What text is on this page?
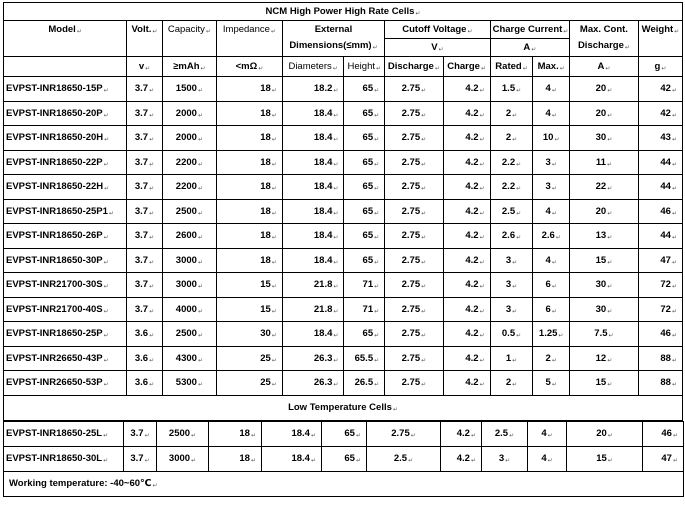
NCM High Power High Rate Cells ↵
Model ↵	Volt. ↵	Capacity ↵	Impedance ↵	External Dimensions(≤mm) ↵		Cutoff Voltage ↵		Charge Current ↵		Max. Cont. Discharge ↵	Weight ↵
						V ↵		A ↵
	v ↵	≥mAh ↵	<mΩ ↵	Diameters ↵	Height ↵	Discharge ↵	Charge ↵	Rated ↵	Max. ↵	A ↵	g ↵
EVPST-INR18650-15P ↵	3.7 ↵	1500 ↵	18 ↵	18.2 ↵	65 ↵	2.75 ↵	4.2 ↵	1.5 ↵	4 ↵	20 ↵	42 ↵
EVPST-INR18650-20P ↵	3.7 ↵	2000 ↵	18 ↵	18.4 ↵	65 ↵	2.75 ↵	4.2 ↵	2 ↵	4 ↵	20 ↵	42 ↵
EVPST-INR18650-20H ↵	3.7 ↵	2000 ↵	18 ↵	18.4 ↵	65 ↵	2.75 ↵	4.2 ↵	2 ↵	10 ↵	30 ↵	43 ↵
EVPST-INR18650-22P ↵	3.7 ↵	2200 ↵	18 ↵	18.4 ↵	65 ↵	2.75 ↵	4.2 ↵	2.2 ↵	3 ↵	11 ↵	44 ↵
EVPST-INR18650-22H ↵	3.7 ↵	2200 ↵	18 ↵	18.4 ↵	65 ↵	2.75 ↵	4.2 ↵	2.2 ↵	3 ↵	22 ↵	44 ↵
EVPST-INR18650-25P1 ↵	3.7 ↵	2500 ↵	18 ↵	18.4 ↵	65 ↵	2.75 ↵	4.2 ↵	2.5 ↵	4 ↵	20 ↵	46 ↵
EVPST-INR18650-26P ↵	3.7 ↵	2600 ↵	18 ↵	18.4 ↵	65 ↵	2.75 ↵	4.2 ↵	2.6 ↵	2.6 ↵	13 ↵	44 ↵
EVPST-INR18650-30P ↵	3.7 ↵	3000 ↵	18 ↵	18.4 ↵	65 ↵	2.75 ↵	4.2 ↵	3 ↵	4 ↵	15 ↵	47 ↵
EVPST-INR21700-30S ↵	3.7 ↵	3000 ↵	15 ↵	21.8 ↵	71 ↵	2.75 ↵	4.2 ↵	3 ↵	6 ↵	30 ↵	72 ↵
EVPST-INR21700-40S ↵	3.7 ↵	4000 ↵	15 ↵	21.8 ↵	71 ↵	2.75 ↵	4.2 ↵	3 ↵	6 ↵	30 ↵	72 ↵
EVPST-INR18650-25P ↵	3.6 ↵	2500 ↵	30 ↵	18.4 ↵	65 ↵	2.75 ↵	4.2 ↵	0.5 ↵	1.25 ↵	7.5 ↵	46 ↵
EVPST-INR26650-43P ↵	3.6 ↵	4300 ↵	25 ↵	26.3 ↵	65.5 ↵	2.75 ↵	4.2 ↵	1 ↵	2 ↵	12 ↵	88 ↵
EVPST-INR26650-53P ↵	3.6 ↵	5300 ↵	25 ↵	26.3 ↵	26.5 ↵	2.75 ↵	4.2 ↵	2 ↵	5 ↵	15 ↵	88 ↵
Low Temperature Cells ↵
EVPST-INR18650-25L ↵	3.7 ↵	2500 ↵	18 ↵	18.4 ↵	65 ↵	2.75 ↵	4.2 ↵	2.5 ↵	4 ↵	20 ↵	46 ↵
EVPST-INR18650-30L ↵	3.7 ↵	3000 ↵	18 ↵	18.4 ↵	65 ↵	2.5 ↵	4.2 ↵	3 ↵	4 ↵	15 ↵	47 ↵
Working temperature: -40~60℃ ↵
